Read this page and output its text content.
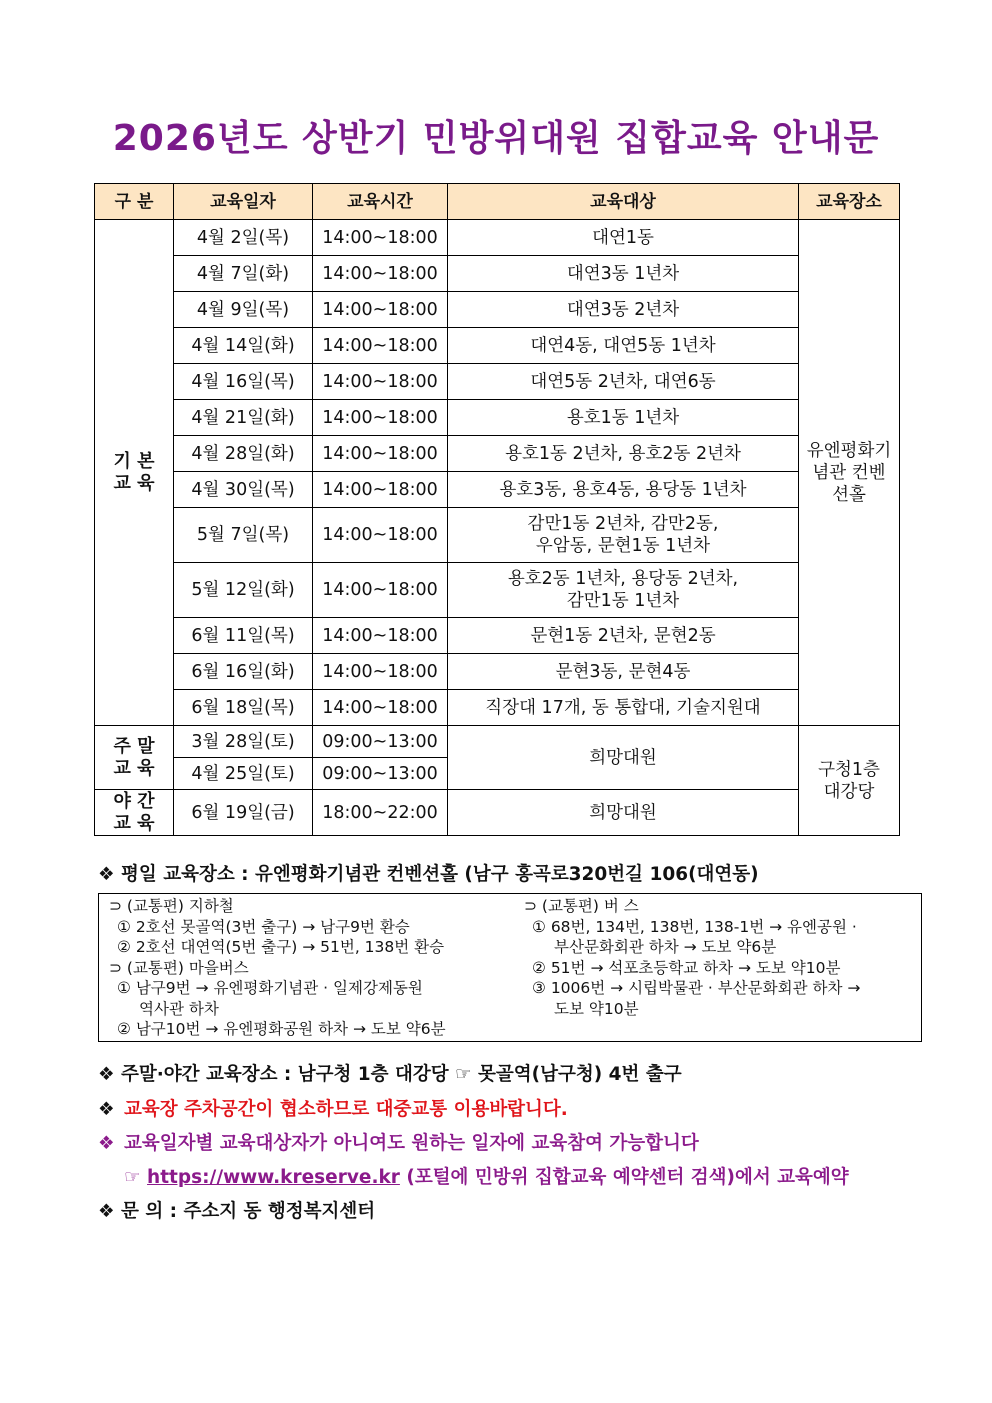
2026년도 상반기 민방위대원 집합교육 안내문
구 분	교육일자	교육시간	교육대상	교육장소
기 본
교 육	4월 2일(목)	14:00~18:00	대연1동	유엔평화기념관 컨벤션홀
	4월 7일(화)	14:00~18:00	대연3동 1년차	
	4월 9일(목)	14:00~18:00	대연3동 2년차	
	4월 14일(화)	14:00~18:00	대연4동, 대연5동 1년차	
	4월 16일(목)	14:00~18:00	대연5동 2년차, 대연6동	
	4월 21일(화)	14:00~18:00	용호1동 1년차	
	4월 28일(화)	14:00~18:00	용호1동 2년차, 용호2동 2년차	
	4월 30일(목)	14:00~18:00	용호3동, 용호4동, 용당동 1년차	
	5월 7일(목)	14:00~18:00	감만1동 2년차, 감만2동,
우암동, 문현1동 1년차	
	5월 12일(화)	14:00~18:00	용호2동 1년차, 용당동 2년차,
감만1동 1년차	
	6월 11일(목)	14:00~18:00	문현1동 2년차, 문현2동	
	6월 16일(화)	14:00~18:00	문현3동, 문현4동	
	6월 18일(목)	14:00~18:00	직장대 17개, 동 통합대, 기술지원대	
주 말
교 육	3월 28일(토)	09:00~13:00	희망대원	구청1층 대강당
	4월 25일(토)	09:00~13:00		
야 간
교 육	6월 19일(금)	18:00~22:00	희망대원	
❖ 평일 교육장소 : 유엔평화기념관 컨벤션홀 (남구 홍곡로320번길 106(대연동)
⊃ (교통편) 지하철
① 2호선 못골역(3번 출구) → 남구9번 환승
② 2호선 대연역(5번 출구) → 51번, 138번 환승
⊃ (교통편) 마을버스
① 남구9번 → 유엔평화기념관 · 일제강제동원
역사관 하차
② 남구10번 → 유엔평화공원 하차 → 도보 약6분
⊃ (교통편) 버 스
① 68번, 134번, 138번, 138-1번 → 유엔공원 ·
부산문화회관 하차 → 도보 약6분
② 51번 → 석포초등학교 하차 → 도보 약10분
③ 1006번 → 시립박물관 · 부산문화회관 하차 →
도보 약10분
❖ 주말·야간 교육장소 : 남구청 1층 대강당 ☞ 못골역(남구청) 4번 출구
❖ 교육장 주차공간이 협소하므로 대중교통 이용바랍니다.
❖ 교육일자별 교육대상자가 아니여도 원하는 일자에 교육참여 가능합니다
☞ https://www.kreserve.kr (포털에 민방위 집합교육 예약센터 검색)에서 교육예약
❖ 문 의 : 주소지 동 행정복지센터
